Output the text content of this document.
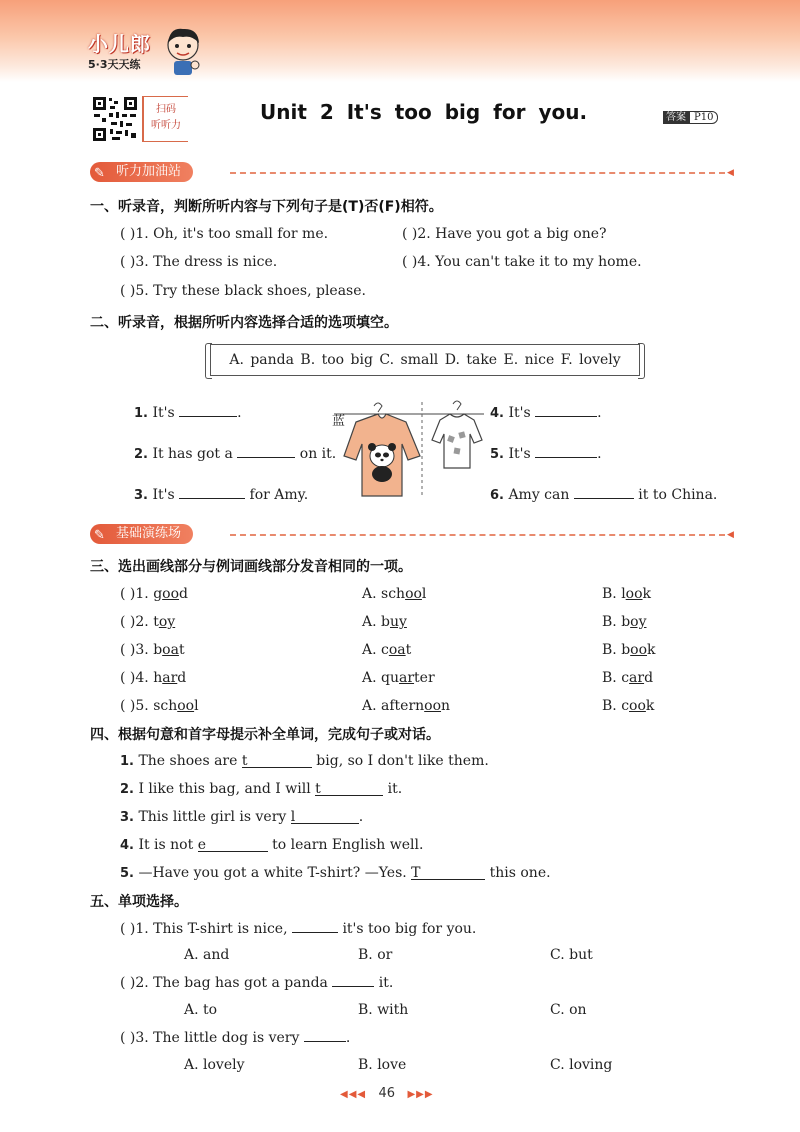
小儿郎
5·3天天练
扫码
听听力
Unit 2 It's too big for you.	答案 P10
✎ 听力加油站	◀
一、听录音，判断所听内容与下列句子是(T)否(F)相符。
( )1. Oh, it's too small for me.	( )2. Have you got a big one?
( )3. The dress is nice.	( )4. You can't take it to my home.
( )5. Try these black shoes, please.
二、听录音，根据所听内容选择合适的选项填空。
A. panda B. too big C. small D. take E. nice F. lovely
1. It's	.
2. It has got a	on it.
3. It's	for Amy.
4. It's	.
5. It's	.
6. Amy can	it to China.
蓝
✎ 基础演练场	◀
三、选出画线部分与例词画线部分发音相同的一项。
( )1. good	A. school	B. look
( )2. toy	A. buy	B. boy
( )3. boat	A. coat	B. book
( )4. hard	A. quarter	B. card
( )5. school	A. afternoon	B. cook
四、根据句意和首字母提示补全单词，完成句子或对话。
1. The shoes are t	big, so I don't like them.
2. I like this bag, and I will t	it.
3. This little girl is very l	.
4. It is not e	to learn English well.
5. —Have you got a white T-shirt? —Yes. T	this one.
五、单项选择。
( )1. This T-shirt is nice,	it's too big for you.
A. and	B. or	C. but
( )2. The bag has got a panda	it.
A. to	B. with	C. on
( )3. The little dog is very	.
A. lovely	B. love	C. loving
◀◀◀ 46 ▶▶▶
